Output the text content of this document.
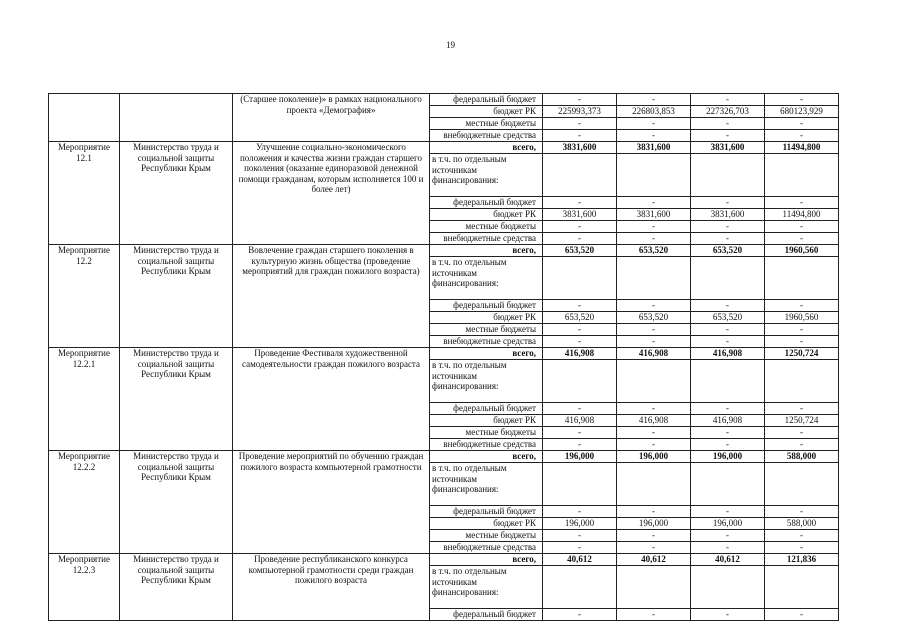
19
		(Старшее поколение)» в рамках национального проекта «Демография»	федеральный бюджет	-	-	-	-
			бюджет РК	225993,373	226803,853	227326,703	680123,929
			местные бюджеты	-	-	-	-
			внебюджетные средства	-	-	-	-
Мероприятие 12.1	Министерство труда и социальной защиты Республики Крым	Улучшение социально-экономического положения и качества жизни граждан старшего поколения (оказание единоразовой денежной помощи гражданам, которым исполняется 100 и более лет)	всего,	3831,600	3831,600	3831,600	11494,800
			в т.ч. по отдельным источникам финансирования:				
			федеральный бюджет	-	-	-	-
			бюджет РК	3831,600	3831,600	3831,600	11494,800
			местные бюджеты	-	-	-	-
			внебюджетные средства	-	-	-	-
Мероприятие 12.2	Министерство труда и социальной защиты Республики Крым	Вовлечение граждан старшего поколения в культурную жизнь общества (проведение мероприятий для граждан пожилого возраста)	всего,	653,520	653,520	653,520	1960,560
			в т.ч. по отдельным источникам финансирования:				
			федеральный бюджет	-	-	-	-
			бюджет РК	653,520	653,520	653,520	1960,560
			местные бюджеты	-	-	-	-
			внебюджетные средства	-	-	-	-
Мероприятие 12.2.1	Министерство труда и социальной защиты Республики Крым	Проведение Фестиваля художественной самодеятельности граждан пожилого возраста	всего,	416,908	416,908	416,908	1250,724
			в т.ч. по отдельным источникам финансирования:				
			федеральный бюджет	-	-	-	-
			бюджет РК	416,908	416,908	416,908	1250,724
			местные бюджеты	-	-	-	-
			внебюджетные средства	-	-	-	-
Мероприятие 12.2.2	Министерство труда и социальной защиты Республики Крым	Проведение мероприятий по обучению граждан пожилого возраста компьютерной грамотности	всего,	196,000	196,000	196,000	588,000
			в т.ч. по отдельным источникам финансирования:				
			федеральный бюджет	-	-	-	-
			бюджет РК	196,000	196,000	196,000	588,000
			местные бюджеты	-	-	-	-
			внебюджетные средства	-	-	-	-
Мероприятие 12.2.3	Министерство труда и социальной защиты Республики Крым	Проведение республиканского конкурса компьютерной грамотности среди граждан пожилого возраста	всего,	40,612	40,612	40,612	121,836
			в т.ч. по отдельным источникам финансирования:				
			федеральный бюджет	-	-	-	-
